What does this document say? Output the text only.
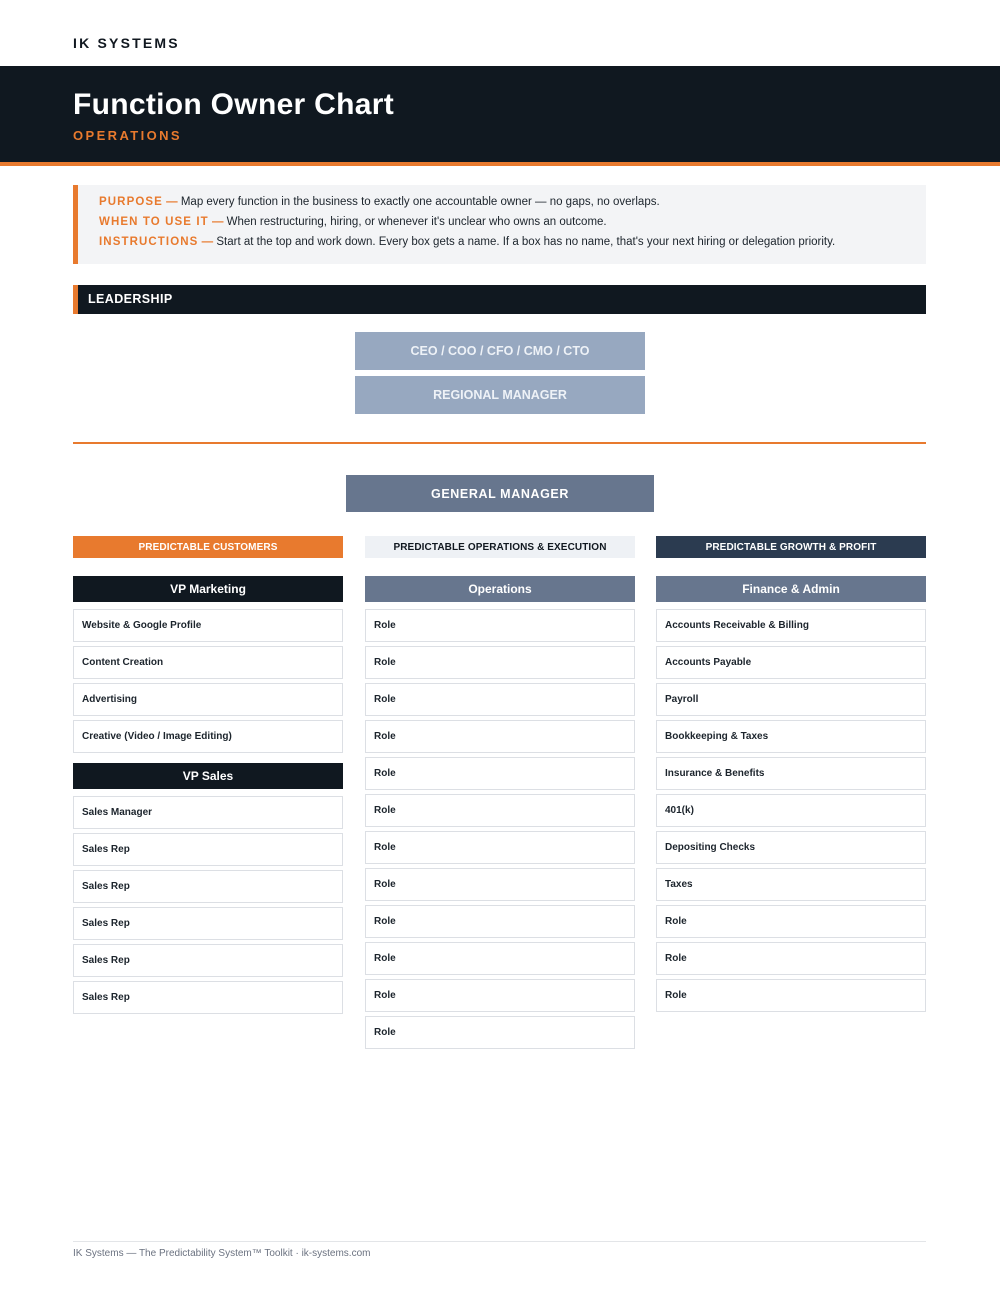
IK SYSTEMS
Function Owner Chart
OPERATIONS
PURPOSE — Map every function in the business to exactly one accountable owner — no gaps, no overlaps.
WHEN TO USE IT — When restructuring, hiring, or whenever it's unclear who owns an outcome.
INSTRUCTIONS — Start at the top and work down. Every box gets a name. If a box has no name, that's your next hiring or delegation priority.
LEADERSHIP
CEO / COO / CFO / CMO / CTO
REGIONAL MANAGER
GENERAL MANAGER
PREDICTABLE CUSTOMERS	PREDICTABLE OPERATIONS & EXECUTION	PREDICTABLE GROWTH & PROFIT
VP Marketing
Website & Google Profile
Content Creation
Advertising
Creative (Video / Image Editing)
VP Sales
Sales Manager
Sales Rep
Sales Rep
Sales Rep
Sales Rep
Sales Rep
Operations
Role
Role
Role
Role
Role
Role
Role
Role
Role
Role
Role
Role
Finance & Admin
Accounts Receivable & Billing
Accounts Payable
Payroll
Bookkeeping & Taxes
Insurance & Benefits
401(k)
Depositing Checks
Taxes
Role
Role
Role
IK Systems — The Predictability System™ Toolkit · ik-systems.com
